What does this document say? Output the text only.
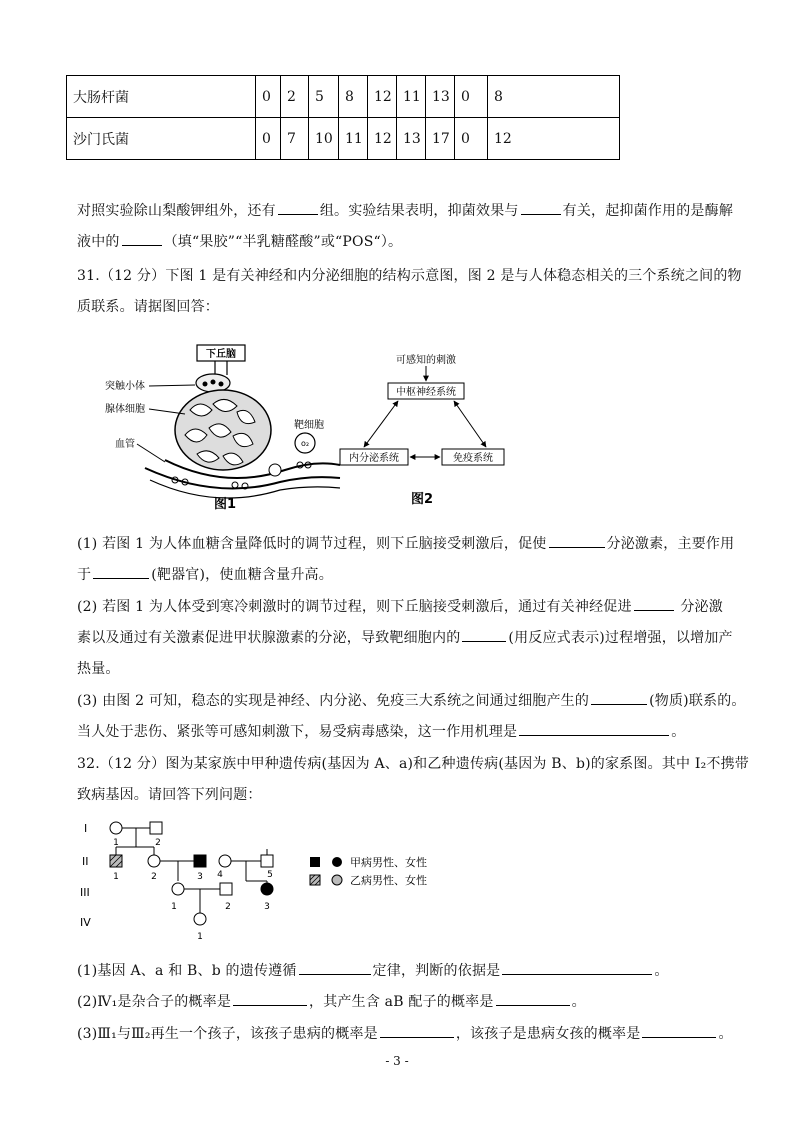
大肠杆菌	0	2	5	8	12	11	13	0	8
沙门氏菌	0	7	10	11	12	13	17	0	12
对照实验除山梨酸钾组外，还有	组。实验结果表明，抑菌效果与	有关，起抑菌作用的是酶解
液中的	（填“果胶”“半乳糖醛酸”或“POS“）。
31.（12 分）下图 1 是有关神经和内分泌细胞的结构示意图，图 2 是与人体稳态相关的三个系统之间的物
质联系。请据图回答：
下丘脑
o₂
靶细胞
突触小体
腺体细胞
血管
图1
可感知的刺激
中枢神经系统
内分泌系统	免疫系统
图2
(1) 若图 1 为人体血糖含量降低时的调节过程，则下丘脑接受刺激后，促使	分泌激素，主要作用
于	(靶器官)，使血糖含量升高。
(2) 若图 1 为人体受到寒冷刺激时的调节过程，则下丘脑接受刺激后，通过有关神经促进	分泌激
素以及通过有关激素促进甲状腺激素的分泌，导致靶细胞内的	(用反应式表示)过程增强，以增加产
热量。
(3) 由图 2 可知，稳态的实现是神经、内分泌、免疫三大系统之间通过细胞产生的	(物质)联系的。
当人处于悲伤、紧张等可感知刺激下，易受病毒感染，这一作用机理是	。
32.（12 分）图为某家族中甲种遗传病(基因为 A、a)和乙种遗传病(基因为 B、b)的家系图。其中 I₂不携带
致病基因。请回答下列问题：
I
II
III
IV
1	2
1	2	3 4	5
1	2	3
1
甲病男性、女性
乙病男性、女性
(1)基因 A、a 和 B、b 的遗传遵循	定律，判断的依据是	。
(2)Ⅳ₁是杂合子的概率是	，其产生含 aB 配子的概率是	。
(3)Ⅲ₁与Ⅲ₂再生一个孩子，该孩子患病的概率是	，该孩子是患病女孩的概率是	。
- 3 -
